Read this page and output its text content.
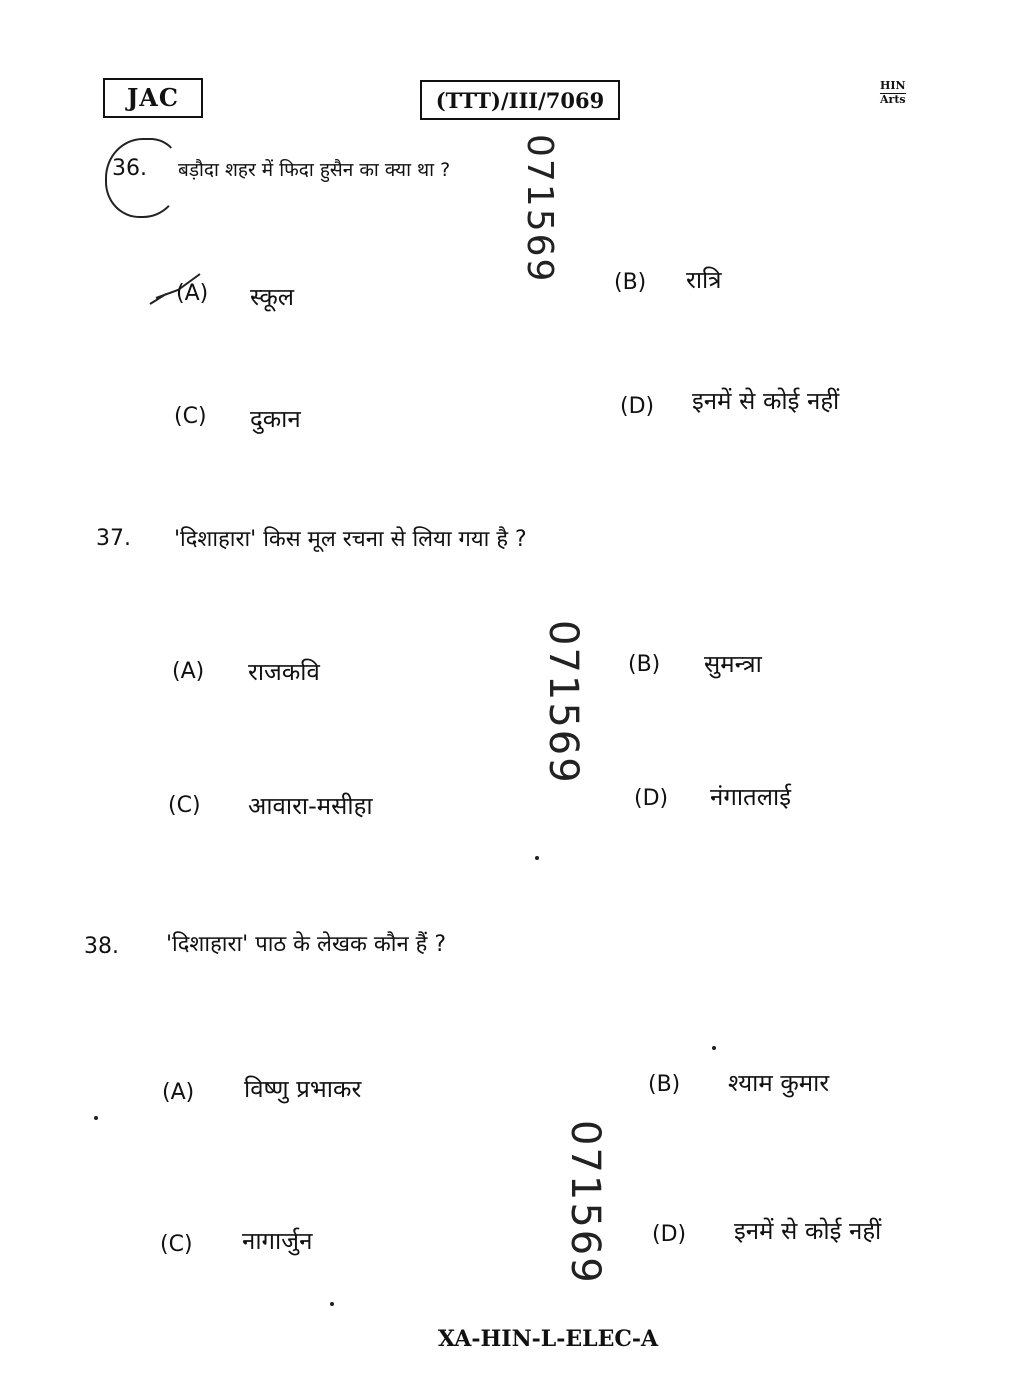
JAC	(TTT)/III/7069
HIN
Arts
36. बड़ौदा शहर में फिदा हुसैन का क्या था ?
(A) स्कूल
(B) रात्रि
(C) दुकान	(D) इनमें से कोई नहीं
37. 'दिशाहारा' किस मूल रचना से लिया गया है ?
(A) राजकवि	(B) सुमन्त्रा
(C) आवारा-मसीहा	(D) नंगातलाई
38. 'दिशाहारा' पाठ के लेखक कौन हैं ?
(A) विष्णु प्रभाकर	(B) श्याम कुमार
(C) नागार्जुन	(D) इनमें से कोई नहीं
071569
071569
071569
XA-HIN-L-ELEC-A
